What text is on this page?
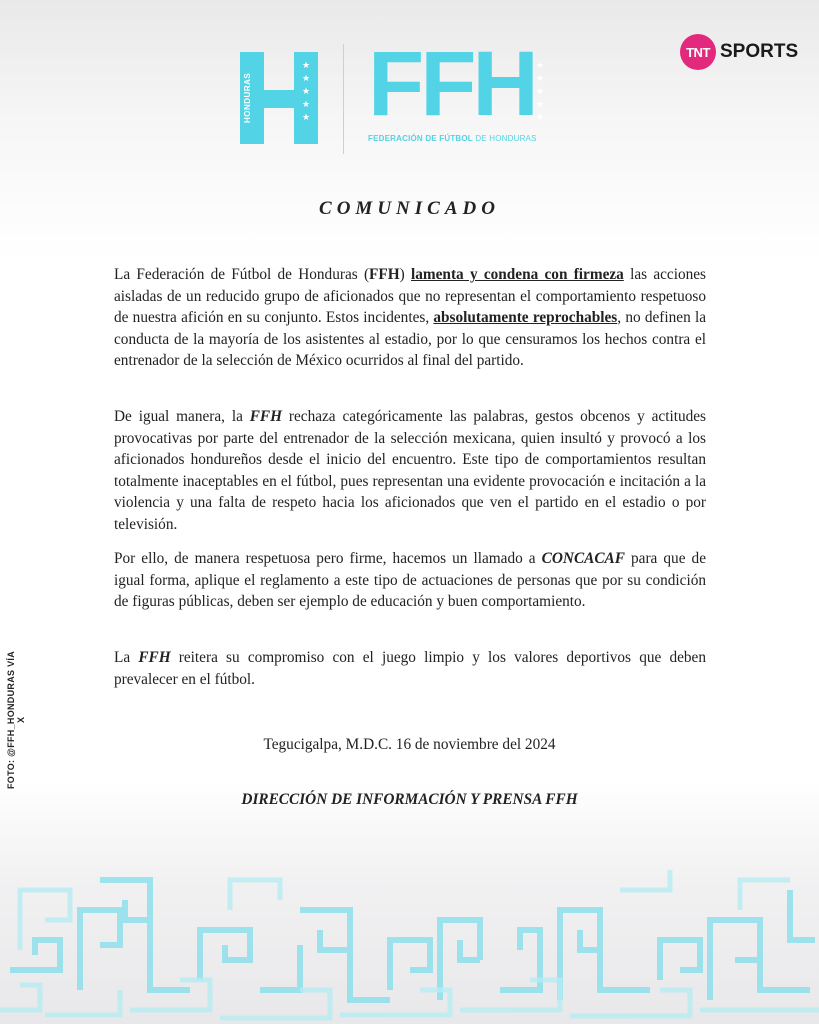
HONDURAS
★
★
★
★
★ FFH ★
★
★
★
★
FEDERACIÓN DE FÚTBOL DE HONDURAS
TNT SPORTS
COMUNICADO

La Federación de Fútbol de Honduras (FFH) lamenta y condena con firmeza las acciones aisladas de un reducido grupo de aficionados que no representan el comportamiento respetuoso de nuestra afición en su conjunto. Estos incidentes, absolutamente reprochables, no definen la conducta de la mayoría de los asistentes al estadio, por lo que censuramos los hechos contra el entrenador de la selección de México ocurridos al final del partido.

De igual manera, la FFH rechaza categóricamente las palabras, gestos obcenos y actitudes provocativas por parte del entrenador de la selección mexicana, quien insultó y provocó a los aficionados hondureños desde el inicio del encuentro. Este tipo de comportamientos resultan totalmente inaceptables en el fútbol, pues representan una evidente provocación e incitación a la violencia y una falta de respeto hacia los aficionados que ven el partido en el estadio o por televisión.

Por ello, de manera respetuosa pero firme, hacemos un llamado a CONCACAF para que de igual forma, aplique el reglamento a este tipo de actuaciones de personas que por su condición de figuras públicas, deben ser ejemplo de educación y buen comportamiento.

La FFH reitera su compromiso con el juego limpio y los valores deportivos que deben prevalecer en el fútbol.

Tegucigalpa, M.D.C. 16 de noviembre del 2024
DIRECCIÓN DE INFORMACIÓN Y PRENSA FFH
FOTO: @FFH_HONDURAS VÍA X
